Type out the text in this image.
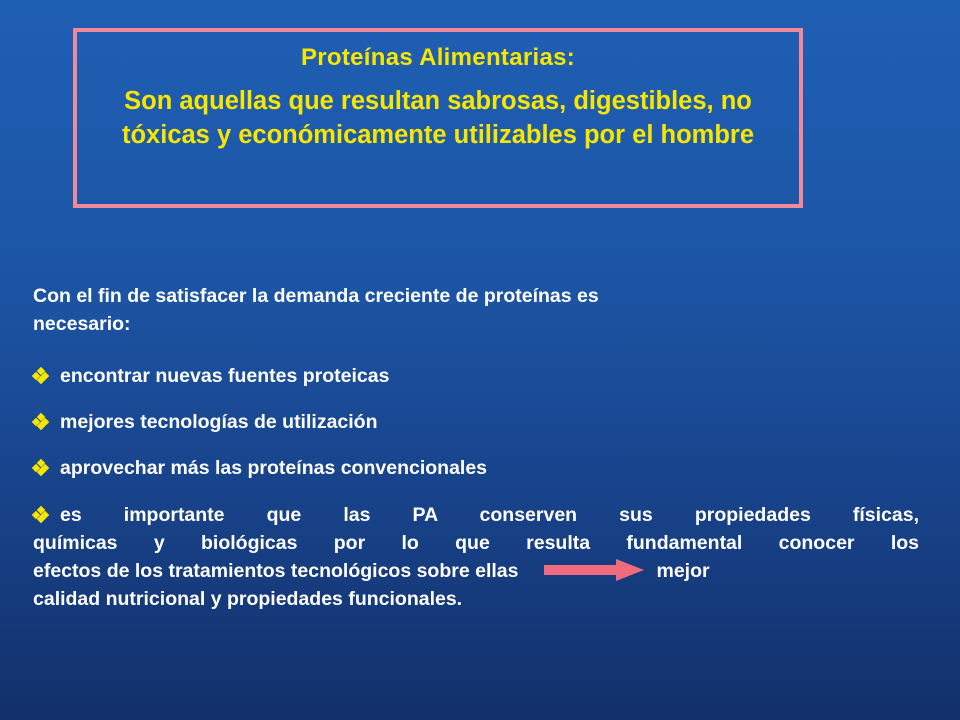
Proteínas Alimentarias:
Son aquellas que resultan sabrosas, digestibles, no tóxicas y económicamente utilizables por el hombre
Con el fin de satisfacer la demanda creciente de proteínas es
necesario:
encontrar nuevas fuentes proteicas
mejores tecnologías de utilización
aprovechar más las proteínas convencionales
es importante que las PA conserven sus propiedades físicas,
químicas y biológicas por lo que resulta fundamental conocer los
efectos de los tratamientos tecnológicos sobre ellas	mejor
calidad nutricional y propiedades funcionales.
